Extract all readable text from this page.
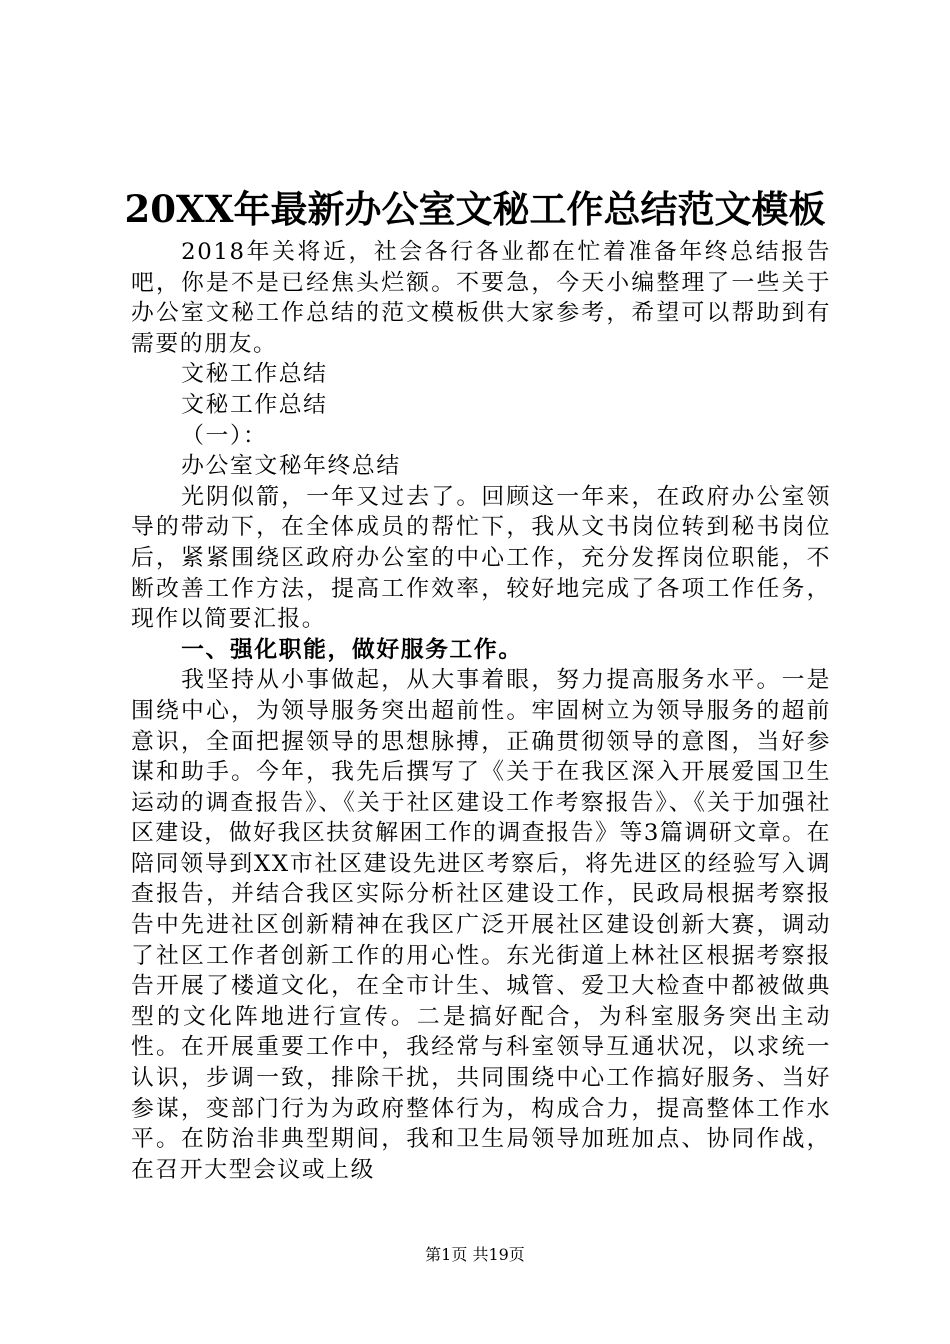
20XX年最新办公室文秘工作总结范文模板

2018年关将近，社会各行各业都在忙着准备年终总结报告吧，你是不是已经焦头烂额。不要急，今天小编整理了一些关于办公室文秘工作总结的范文模板供大家参考，希望可以帮助到有需要的朋友。

文秘工作总结

文秘工作总结

（一）：

办公室文秘年终总结

光阴似箭，一年又过去了。回顾这一年来，在政府办公室领导的带动下，在全体成员的帮忙下，我从文书岗位转到秘书岗位后，紧紧围绕区政府办公室的中心工作，充分发挥岗位职能，不断改善工作方法，提高工作效率，较好地完成了各项工作任务，现作以简要汇报。

一、强化职能，做好服务工作。

我坚持从小事做起，从大事着眼，努力提高服务水平。一是围绕中心，为领导服务突出超前性。牢固树立为领导服务的超前意识，全面把握领导的思想脉搏，正确贯彻领导的意图，当好参谋和助手。今年，我先后撰写了《关于在我区深入开展爱国卫生运动的调查报告》、《关于社区建设工作考察报告》、《关于加强社区建设，做好我区扶贫解困工作的调查报告》等3篇调研文章。在陪同领导到XX市社区建设先进区考察后，将先进区的经验写入调查报告，并结合我区实际分析社区建设工作，民政局根据考察报告中先进社区创新精神在我区广泛开展社区建设创新大赛，调动了社区工作者创新工作的用心性。东光街道上林社区根据考察报告开展了楼道文化，在全市计生、城管、爱卫大检查中都被做典型的文化阵地进行宣传。二是搞好配合，为科室服务突出主动性。在开展重要工作中，我经常与科室领导互通状况，以求统一认识，步调一致，排除干扰，共同围绕中心工作搞好服务、当好参谋，变部门行为为政府整体行为，构成合力，提高整体工作水平。在防治非典型期间，我和卫生局领导加班加点、协同作战，在召开大型会议或上级

第1页 共19页
